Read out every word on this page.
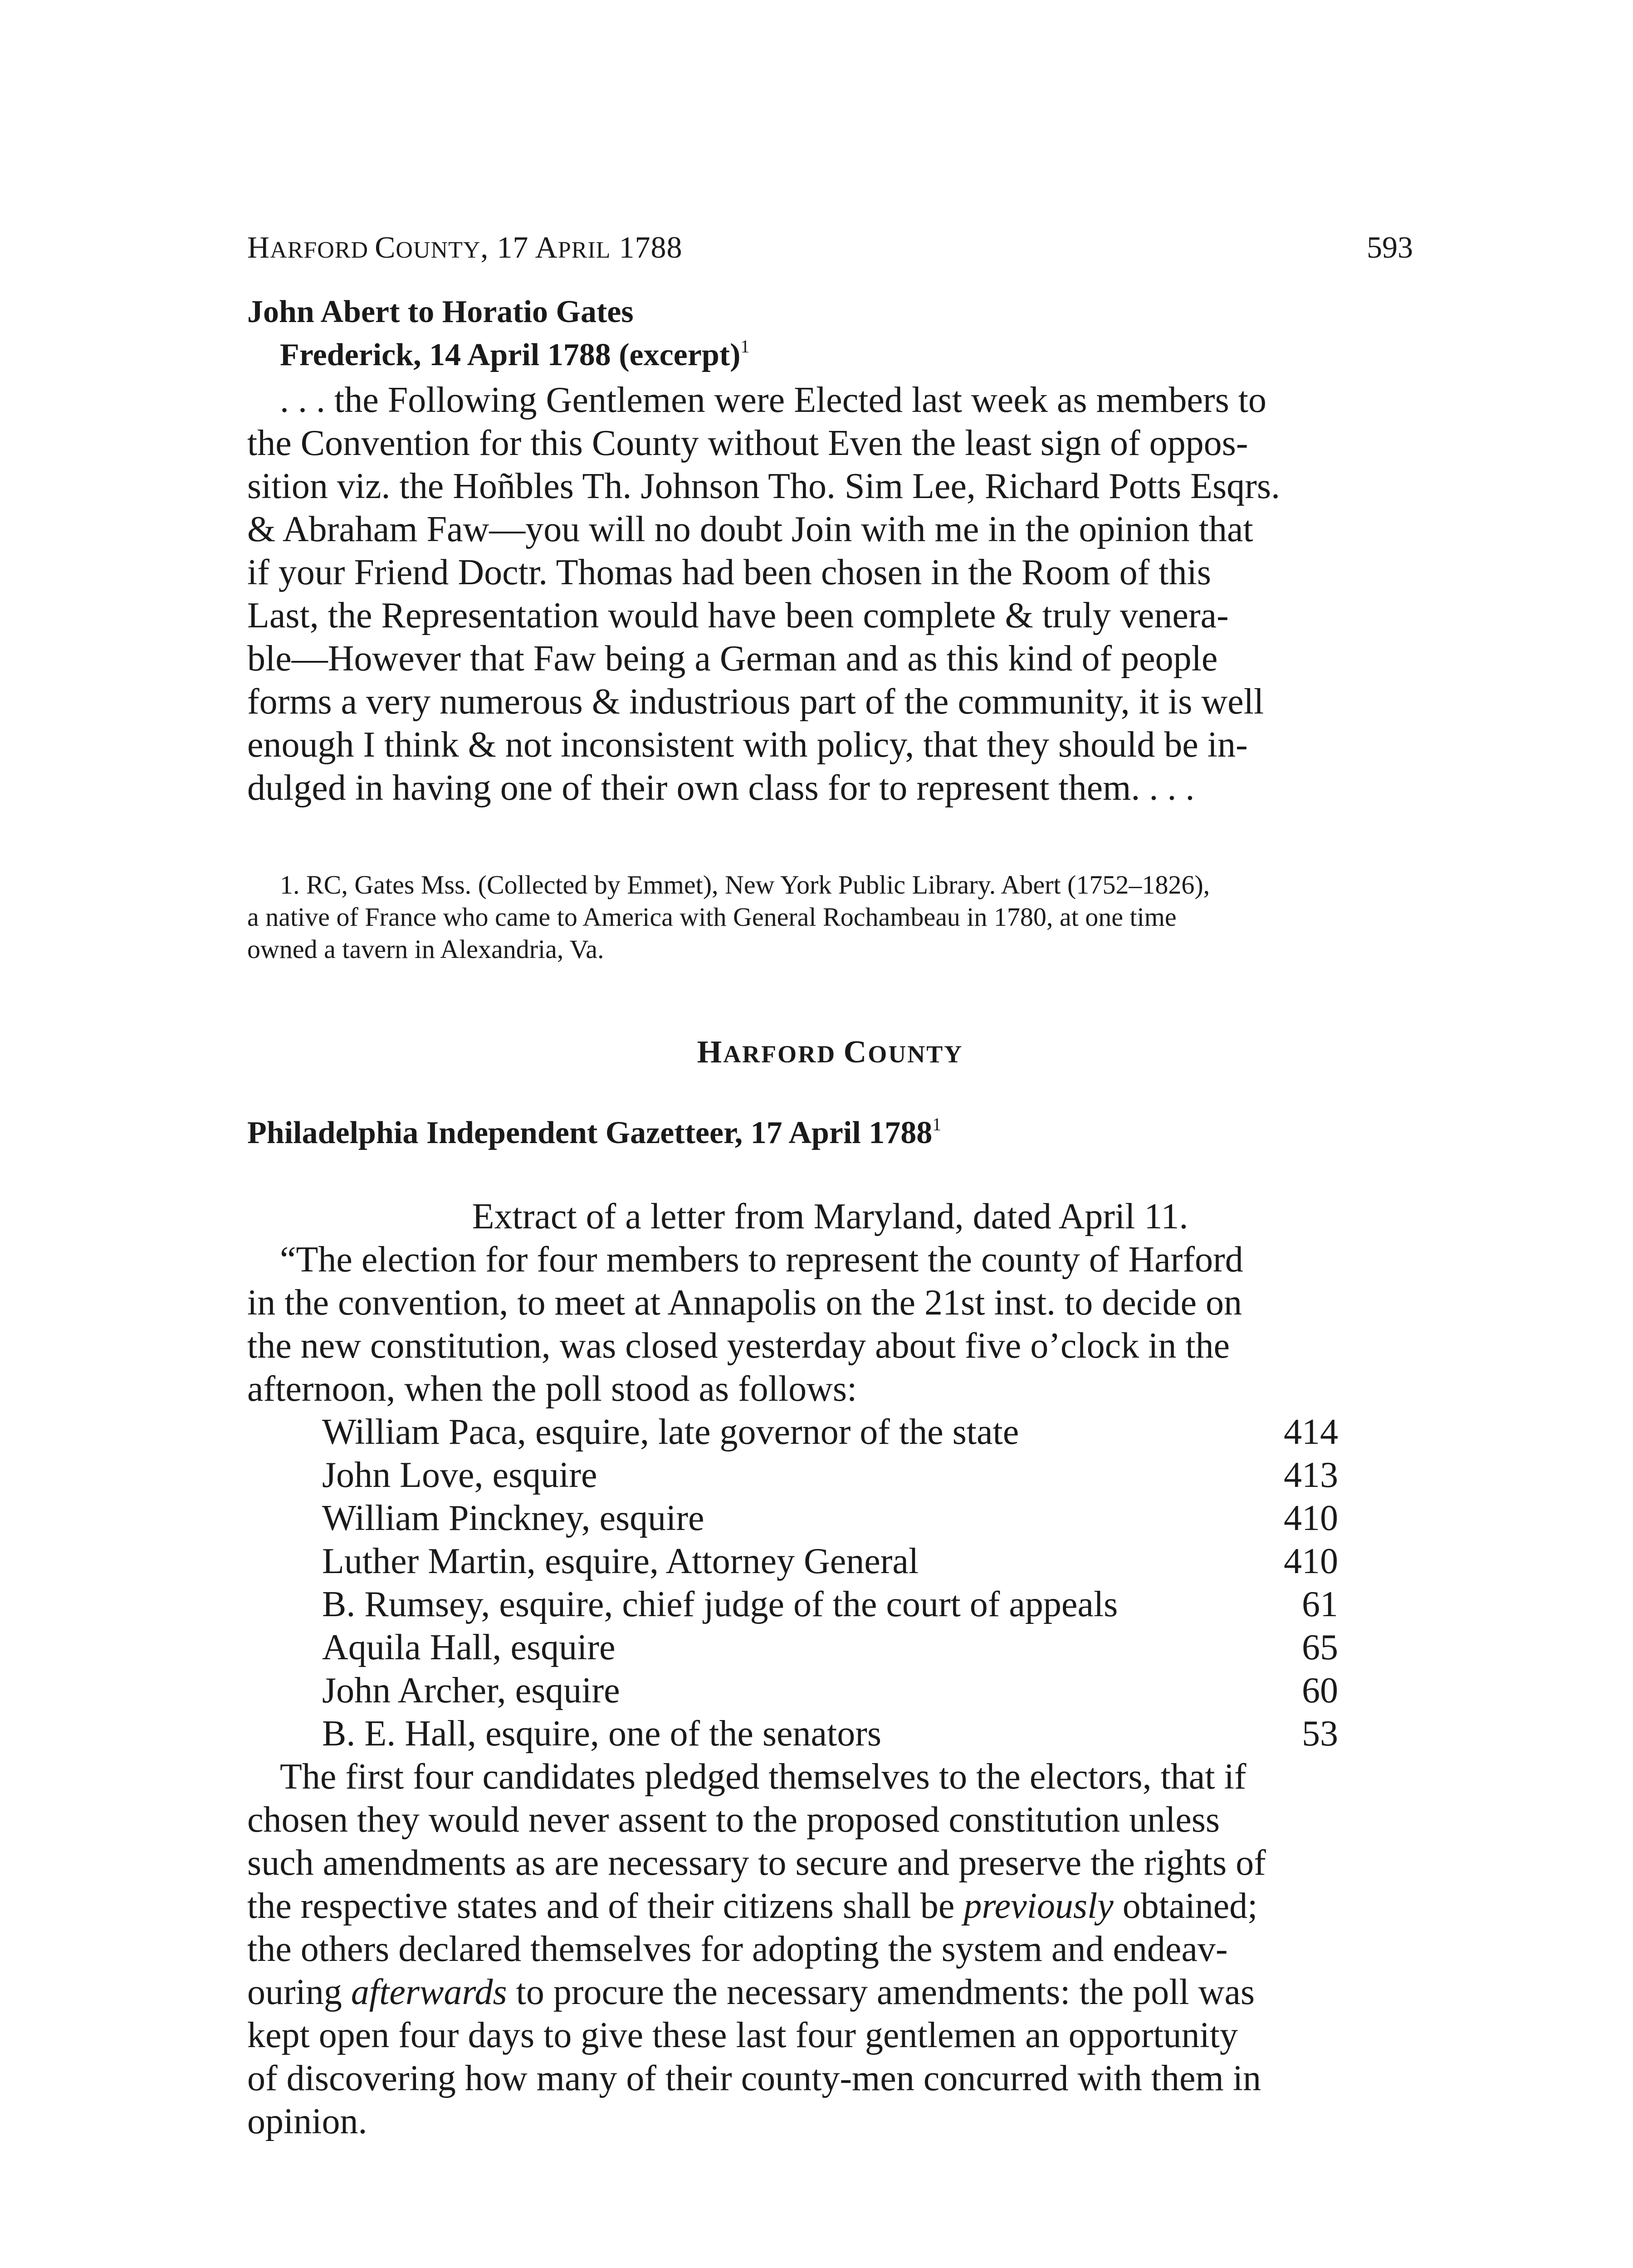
HARFORD COUNTY, 17 APRIL 1788	593
John Abert to Horatio Gates
Frederick, 14 April 1788 (excerpt)$^1$

. . . the Following Gentlemen were Elected last week as members to

the Convention for this County without Even the least sign of oppos-

sition viz. the Hoñbles Th. Johnson Tho. Sim Lee, Richard Potts Esqrs.

& Abraham Faw—you will no doubt Join with me in the opinion that

if your Friend Doctr. Thomas had been chosen in the Room of this

Last, the Representation would have been complete & truly venera-

ble—However that Faw being a German and as this kind of people

forms a very numerous & industrious part of the community, it is well

enough I think & not inconsistent with policy, that they should be in-

dulged in having one of their own class for to represent them. . . .

1. RC, Gates Mss. (Collected by Emmet), New York Public Library. Abert (1752–1826),

a native of France who came to America with General Rochambeau in 1780, at one time

owned a tavern in Alexandria, Va.

HARFORD COUNTY
Philadelphia Independent Gazetteer, 17 April 1788$^1$
Extract of a letter from Maryland, dated April 11.

“The election for four members to represent the county of Harford

in the convention, to meet at Annapolis on the 21st inst. to decide on

the new constitution, was closed yesterday about five o’clock in the

afternoon, when the poll stood as follows:

William Paca, esquire, late governor of the state	414
John Love, esquire	413
William Pinckney, esquire	410
Luther Martin, esquire, Attorney General	410
B. Rumsey, esquire, chief judge of the court of appeals	61
Aquila Hall, esquire	65
John Archer, esquire	60
B. E. Hall, esquire, one of the senators	53

The first four candidates pledged themselves to the electors, that if

chosen they would never assent to the proposed constitution unless

such amendments as are necessary to secure and preserve the rights of

the respective states and of their citizens shall be previously obtained;

the others declared themselves for adopting the system and endeav-

ouring afterwards to procure the necessary amendments: the poll was

kept open four days to give these last four gentlemen an opportunity

of discovering how many of their county-men concurred with them in

opinion.
